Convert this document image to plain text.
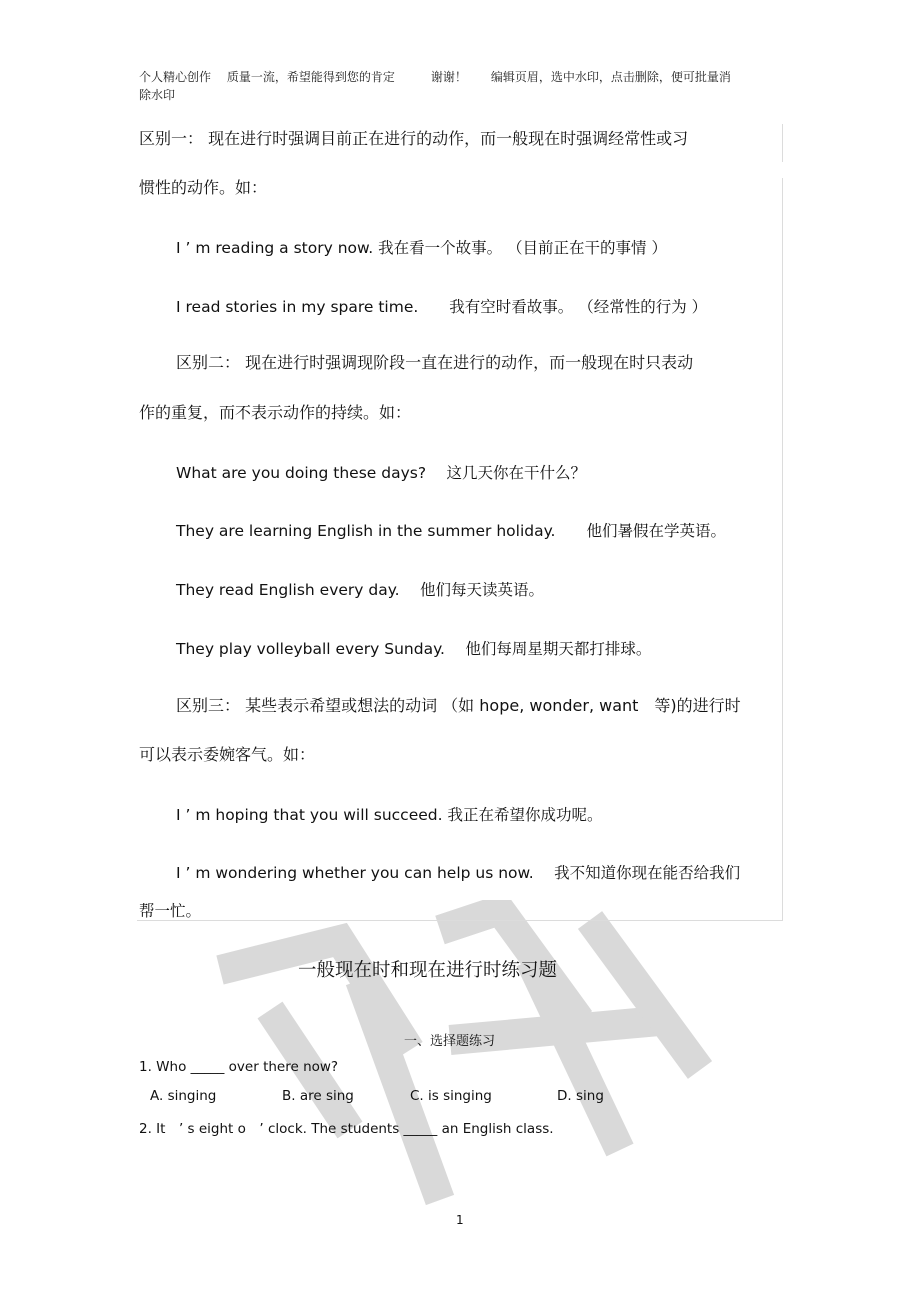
个人精心创作　 质量一流，希望能得到您的肯定　　　谢谢！　　编辑页眉，选中水印，点击删除，便可批量消
除水印
区别一： 现在进行时强调目前正在进行的动作，而一般现在时强调经常性或习
惯性的动作。如：
I ’ m reading a story now. 我在看一个故事。 （目前正在干的事情 ）
I read stories in my spare time.　　我有空时看故事。 （经常性的行为 ）
区别二： 现在进行时强调现阶段一直在进行的动作，而一般现在时只表动
作的重复，而不表示动作的持续。如：
What are you doing these days?　 这几天你在干什么？
They are learning English in the summer holiday.　　他们暑假在学英语。
They read English every day.　 他们每天读英语。
They play volleyball every Sunday.　 他们每周星期天都打排球。
区别三： 某些表示希望或想法的动词 （如 hope, wonder, want　等)的进行时
可以表示委婉客气。如：
I ’ m hoping that you will succeed. 我正在希望你成功呢。
I ’ m wondering whether you can help us now.　 我不知道你现在能否给我们
帮一忙。
一般现在时和现在进行时练习题
一、选择题练习
1. Who _____ over there now?
A. singing	B. are sing	C. is singing	D. sing
2. It　’ s eight o　’ clock. The students _____ an English class.
1
